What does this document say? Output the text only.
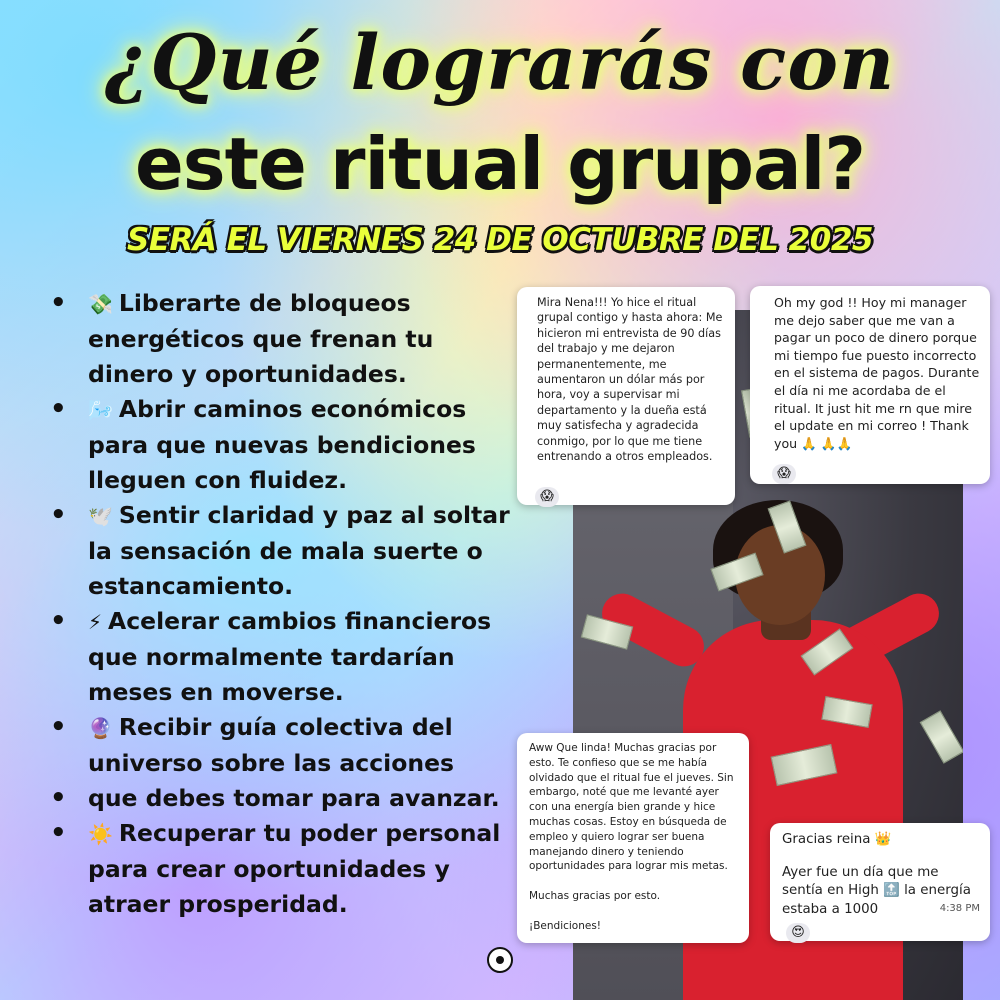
¿Qué lograrás con
este ritual grupal?
SERÁ EL VIERNES 24 DE OCTUBRE DEL 2025
• 💸 Liberarte de bloqueos energéticos que frenan tu dinero y oportunidades.
• 🌬️ Abrir caminos económicos para que nuevas bendiciones lleguen con fluidez.
• 🕊️ Sentir claridad y paz al soltar la sensación de mala suerte o estancamiento.
• ⚡ Acelerar cambios financieros que normalmente tardarían meses en moverse.
• 🔮 Recibir guía colectiva del universo sobre las acciones
• que debes tomar para avanzar.
• ☀️ Recuperar tu poder personal para crear oportunidades y atraer prosperidad.
Mira Nena!!! Yo hice el ritual grupal contigo y hasta ahora: Me hicieron mi entrevista de 90 días del trabajo y me dejaron permanentemente, me aumentaron un dólar más por hora, voy a supervisar mi departamento y la dueña está muy satisfecha y agradecida conmigo, por lo que me tiene entrenando a otros empleados.
😱
Oh my god !! Hoy mi manager me dejo saber que me van a pagar un poco de dinero porque mi tiempo fue puesto incorrecto en el sistema de pagos. Durante el día ni me acordaba de el ritual. It just hit me rn que mire el update en mi correo ! Thank you 🙏 🙏🙏
😱
Aww Que linda! Muchas gracias por esto. Te confieso que se me había olvidado que el ritual fue el jueves. Sin embargo, noté que me levanté ayer con una energía bien grande y hice muchas cosas. Estoy en búsqueda de empleo y quiero lograr ser buena manejando dinero y teniendo oportunidades para lograr mis metas.

Muchas gracias por esto.

¡Bendiciones!
Gracias reina 👑
Ayer fue un día que me sentía en High 🔝 la energía estaba a 1000	4:38 PM
😍
